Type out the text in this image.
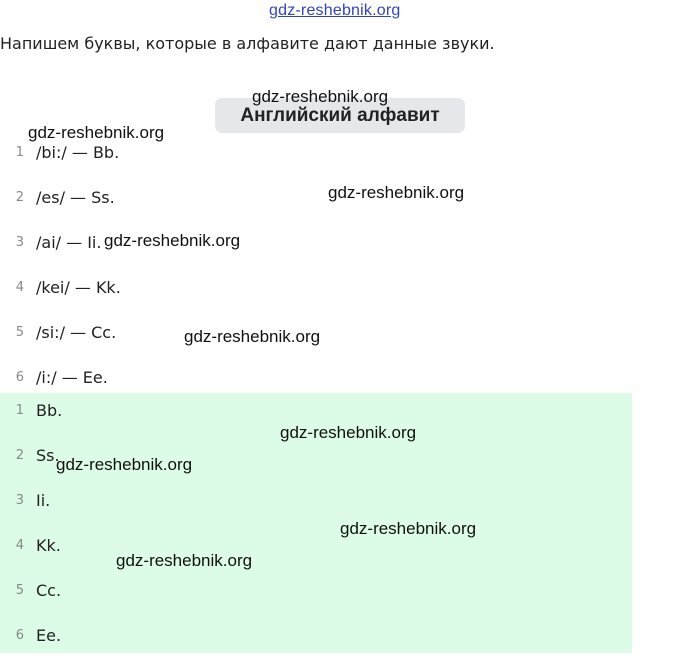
gdz-reshebnik.org
Напишем буквы, которые в алфавите дают данные звуки.
Английский алфавит
1 /bi:/ — Bb.
2 /es/ — Ss.
3 /ai/ — Ii.
4 /kei/ — Kk.
5 /si:/ — Cc.
6 /i:/ — Ee.
1 Bb.
2 Ss.
3 Ii.
4 Kk.
5 Cc.
6 Ee.
gdz-reshebnik.org
gdz-reshebnik.org
gdz-reshebnik.org
gdz-reshebnik.org
gdz-reshebnik.org
gdz-reshebnik.org
gdz-reshebnik.org
gdz-reshebnik.org
gdz-reshebnik.org
